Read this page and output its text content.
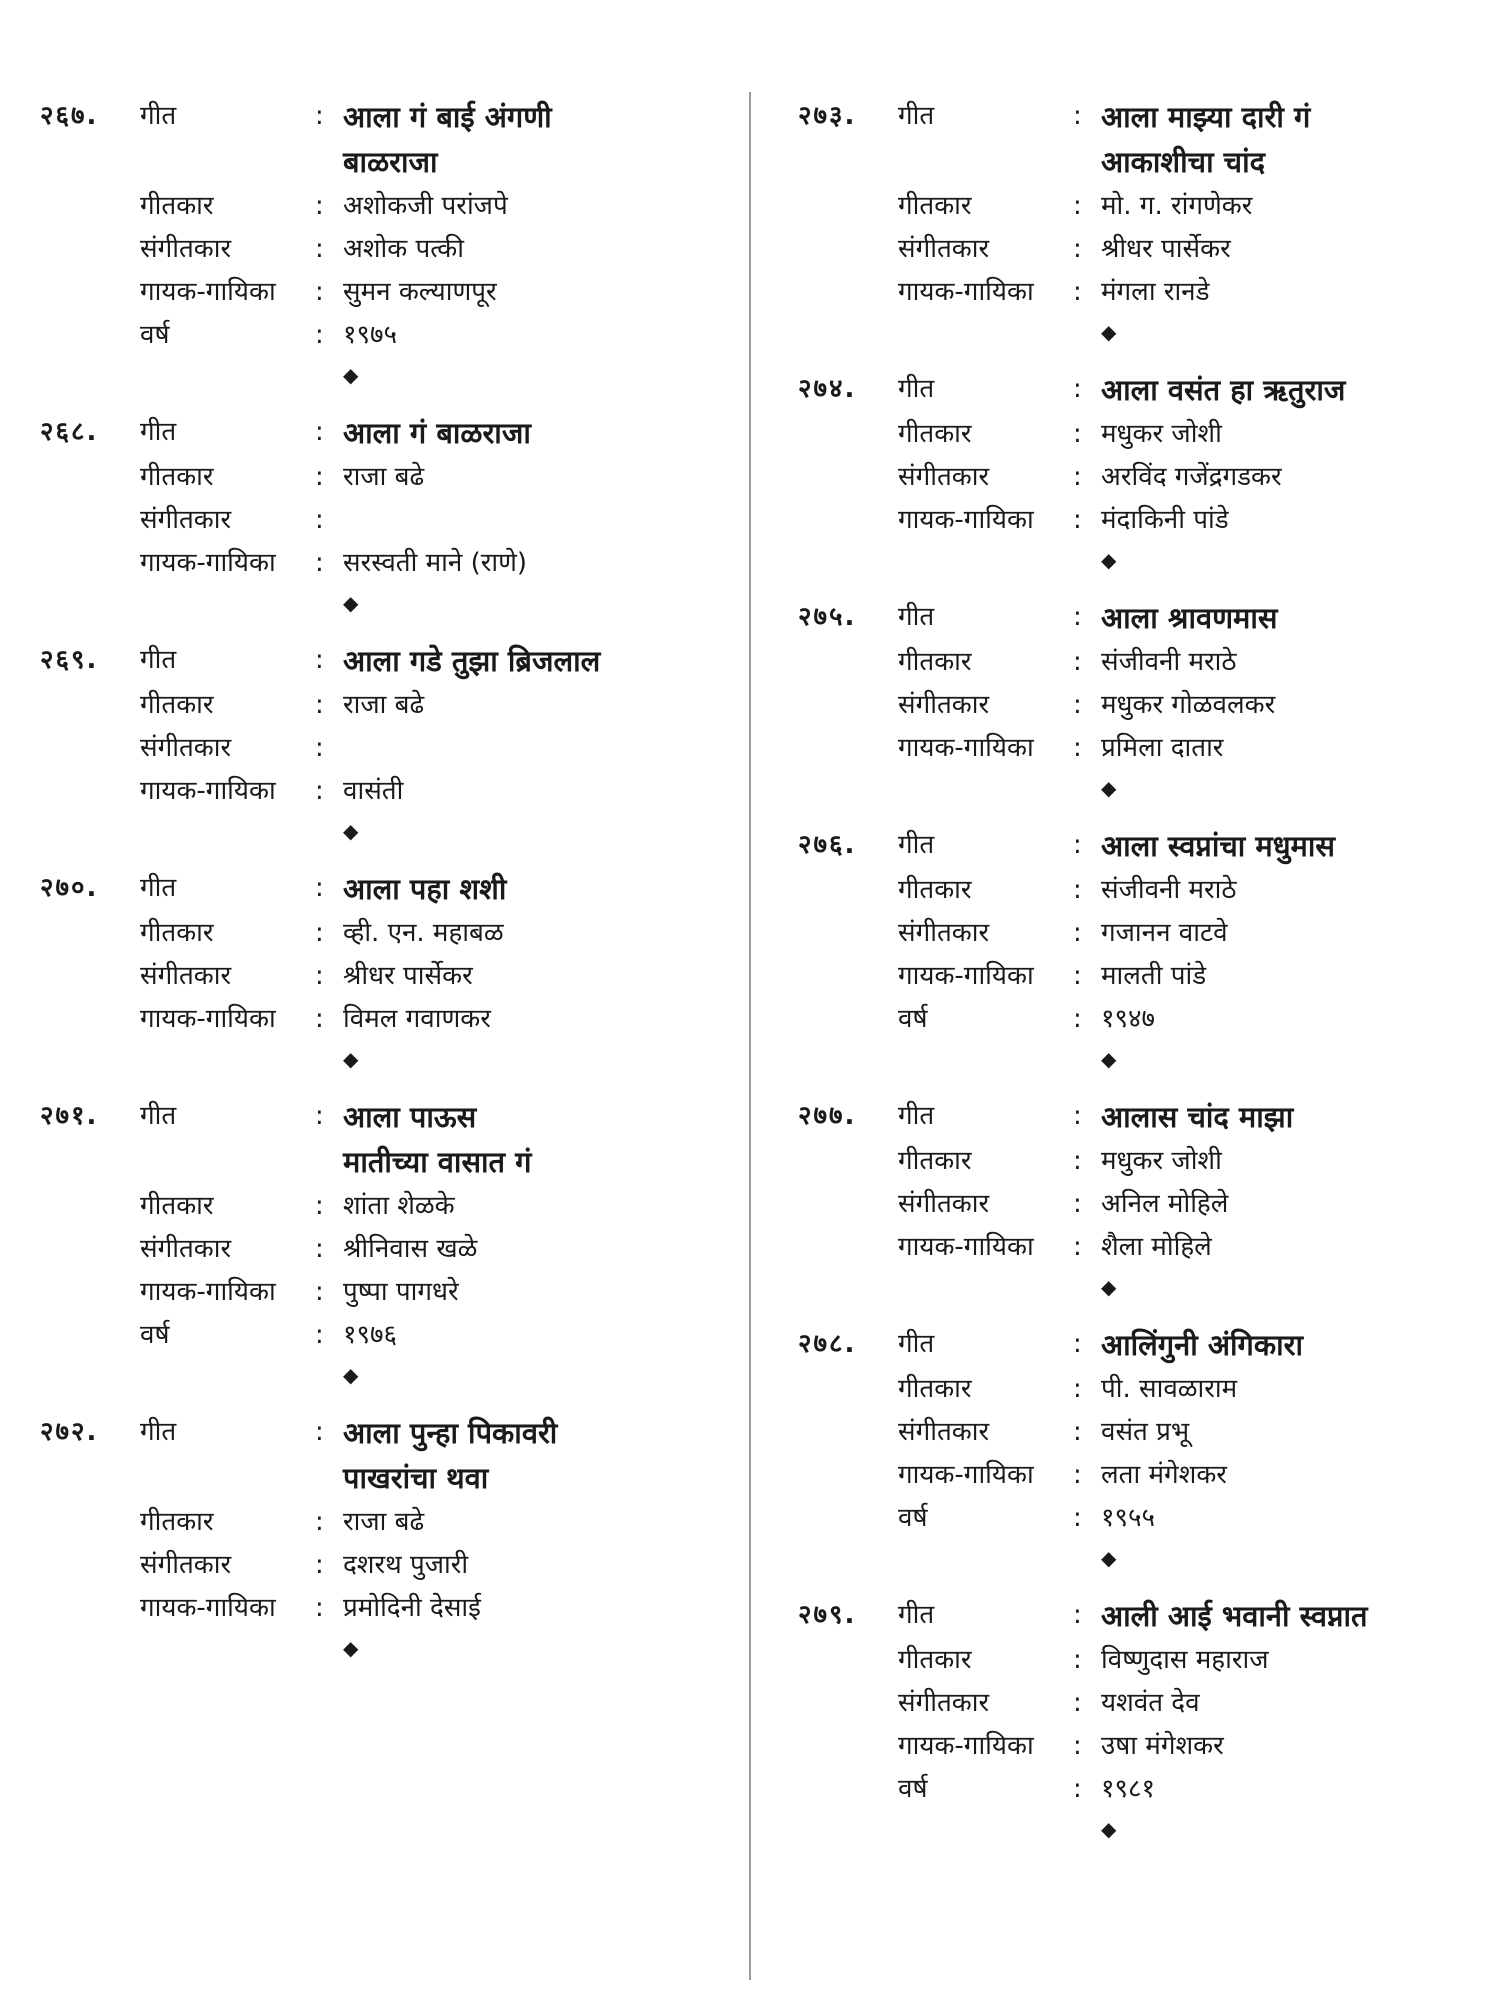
२६७.	गीत	: आला गं बाई अंगणी
बाळराजा
गीतकार	: अशोकजी परांजपे
संगीतकार	: अशोक पत्की
गायक-गायिका	: सुमन कल्याणपूर
वर्ष	: १९७५
◆
२६८.	गीत	: आला गं बाळराजा
गीतकार	: राजा बढे
संगीतकार	:
गायक-गायिका	: सरस्वती माने (राणे)
◆
२६९.	गीत	: आला गडे तुझा ब्रिजलाल
गीतकार	: राजा बढे
संगीतकार	:
गायक-गायिका	: वासंती
◆
२७०.	गीत	: आला पहा शशी
गीतकार	: व्ही. एन. महाबळ
संगीतकार	: श्रीधर पार्सेकर
गायक-गायिका	: विमल गवाणकर
◆
२७१.	गीत	: आला पाऊस
मातीच्या वासात गं
गीतकार	: शांता शेळके
संगीतकार	: श्रीनिवास खळे
गायक-गायिका	: पुष्पा पागधरे
वर्ष	: १९७६
◆
२७२.	गीत	: आला पुन्हा पिकावरी
पाखरांचा थवा
गीतकार	: राजा बढे
संगीतकार	: दशरथ पुजारी
गायक-गायिका	: प्रमोदिनी देसाई
◆
२७३.	गीत	: आला माझ्या दारी गं
आकाशीचा चांद
गीतकार	: मो. ग. रांगणेकर
संगीतकार	: श्रीधर पार्सेकर
गायक-गायिका	: मंगला रानडे
◆
२७४.	गीत	: आला वसंत हा ऋतुराज
गीतकार	: मधुकर जोशी
संगीतकार	: अरविंद गजेंद्रगडकर
गायक-गायिका	: मंदाकिनी पांडे
◆
२७५.	गीत	: आला श्रावणमास
गीतकार	: संजीवनी मराठे
संगीतकार	: मधुकर गोळवलकर
गायक-गायिका	: प्रमिला दातार
◆
२७६.	गीत	: आला स्वप्नांचा मधुमास
गीतकार	: संजीवनी मराठे
संगीतकार	: गजानन वाटवे
गायक-गायिका	: मालती पांडे
वर्ष	: १९४७
◆
२७७.	गीत	: आलास चांद माझा
गीतकार	: मधुकर जोशी
संगीतकार	: अनिल मोहिले
गायक-गायिका	: शैला मोहिले
◆
२७८.	गीत	: आलिंगुनी अंगिकारा
गीतकार	: पी. सावळाराम
संगीतकार	: वसंत प्रभू
गायक-गायिका	: लता मंगेशकर
वर्ष	: १९५५
◆
२७९.	गीत	: आली आई भवानी स्वप्नात
गीतकार	: विष्णुदास महाराज
संगीतकार	: यशवंत देव
गायक-गायिका	: उषा मंगेशकर
वर्ष	: १९८१
◆
